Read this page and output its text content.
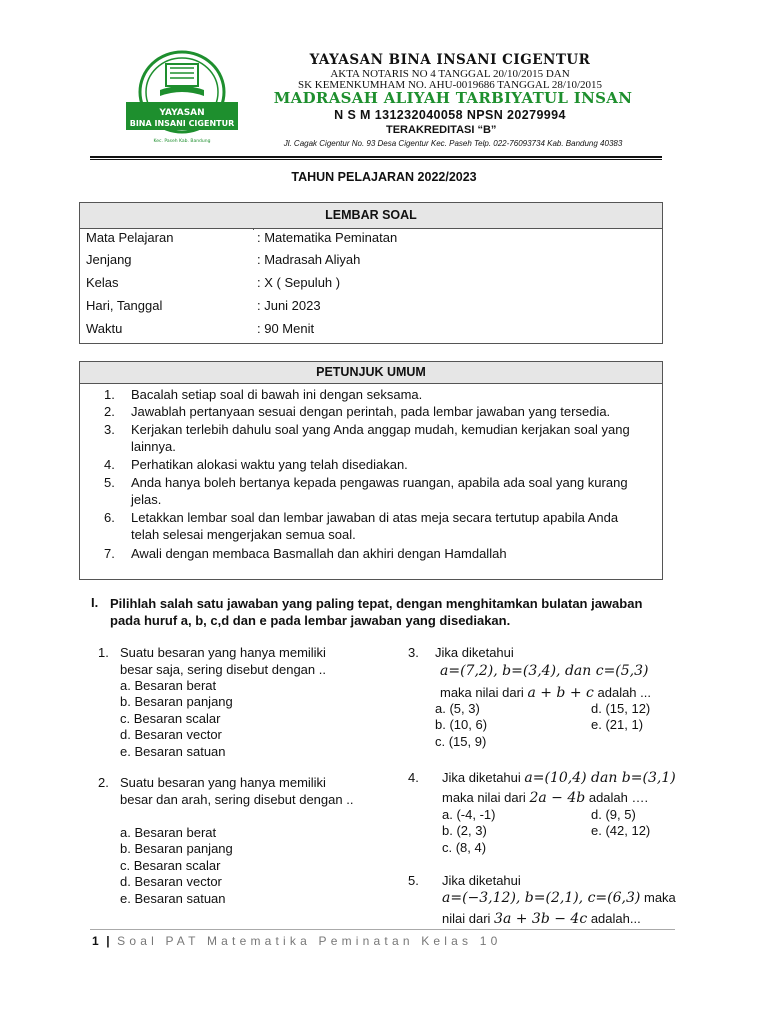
YAYASAN
BINA INSANI CIGENTUR
Kec. Paseh Kab. Bandung
YAYASAN BINA INSANI CIGENTUR
AKTA NOTARIS NO 4 TANGGAL 20/10/2015 DAN
SK KEMENKUMHAM NO. AHU-0019686 TANGGAL 28/10/2015
MADRASAH ALIYAH TARBIYATUL INSAN
N S M 131232040058 NPSN 20279994
TERAKREDITASI “B”
Jl. Cagak Cigentur No. 93 Desa Cigentur Kec. Paseh Telp. 022-76093734 Kab. Bandung 40383
TAHUN PELAJARAN 2022/2023
LEMBAR SOAL
Mata Pelajaran	: Matematika Peminatan
Jenjang	: Madrasah Aliyah
Kelas	: X ( Sepuluh )
Hari, Tanggal	: Juni 2023
Waktu	: 90 Menit
PETUNJUK UMUM
1.	Bacalah setiap soal di bawah ini dengan seksama.
2.	Jawablah pertanyaan sesuai dengan perintah, pada lembar jawaban yang tersedia.
3.	Kerjakan terlebih dahulu soal yang Anda anggap mudah, kemudian kerjakan soal yang lainnya.
4.	Perhatikan alokasi waktu yang telah disediakan.
5.	Anda hanya boleh bertanya kepada pengawas ruangan, apabila ada soal yang kurang jelas.
6.	Letakkan lembar soal dan lembar jawaban di atas meja secara tertutup apabila Anda telah selesai mengerjakan semua soal.
7.	Awali dengan membaca Basmallah dan akhiri dengan Hamdallah
I. Pilihlah salah satu jawaban yang paling tepat, dengan menghitamkan bulatan jawaban pada huruf a, b, c,d dan e pada lembar jawaban yang disediakan.
1. Suatu besaran yang hanya memiliki besar saja, sering disebut dengan ..
a. Besaran berat
b. Besaran panjang
c. Besaran scalar
d. Besaran vector
e. Besaran satuan
2. Suatu besaran yang hanya memiliki besar dan arah, sering disebut dengan ..
a. Besaran berat
b. Besaran panjang
c. Besaran scalar
d. Besaran vector
e. Besaran satuan
3. Jika diketahui
a=(7,2), b=(3,4), dan c=(5,3)
maka nilai dari a + b + c adalah ...
a. (5, 3)
b. (10, 6)
c. (15, 9)
d. (15, 12)
e. (21, 1)
4. Jika diketahui a=(10,4) dan b=(3,1)
maka nilai dari 2a − 4b adalah ….
a. (-4, -1)
b. (2, 3)
c. (8, 4)
d. (9, 5)
e. (42, 12)
5. Jika diketahui
a=(−3,12), b=(2,1), c=(6,3) maka
nilai dari 3a + 3b − 4c adalah...
1 | Soal PAT Matematika Peminatan Kelas 10
